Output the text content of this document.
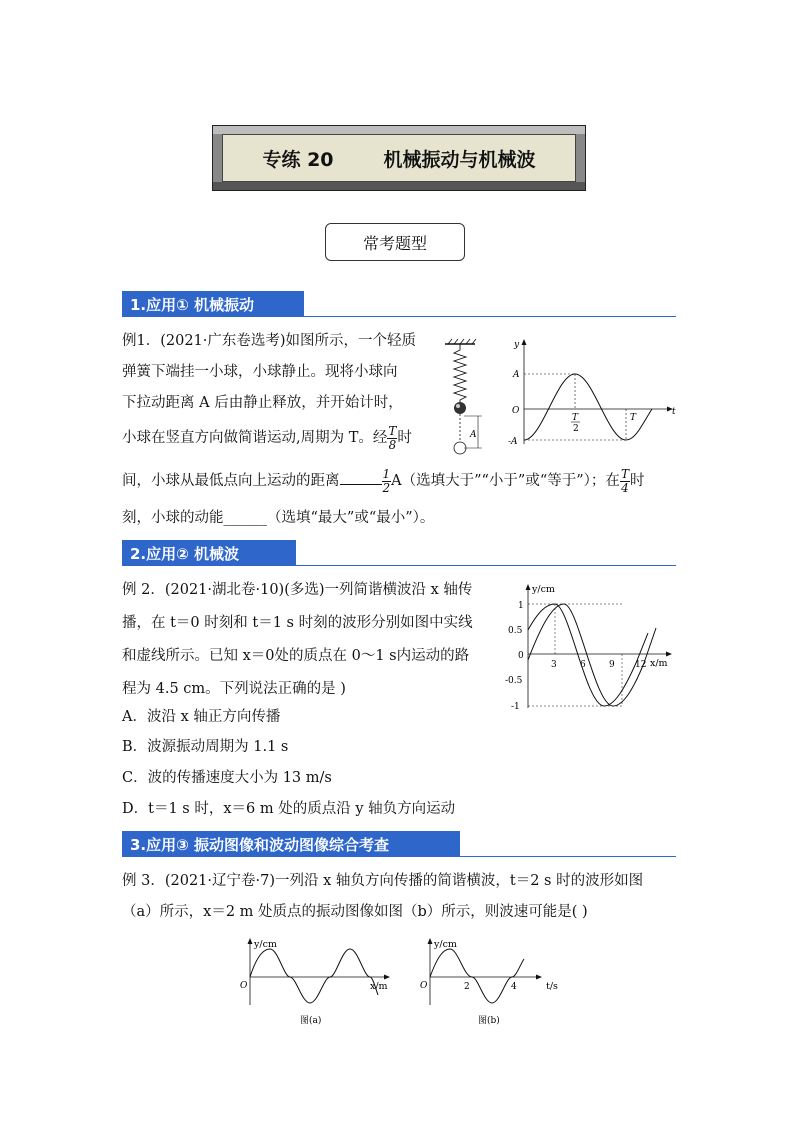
专练 20	机械振动与机械波
常考题型
1.应用① 机械振动
例1．(2021·广东卷选考)如图所示，一个轻质
弹簧下端挂一小球，小球静止。现将小球向
下拉动距离 A 后由静止释放，并开始计时，
小球在竖直方向做简谐运动,周期为 T。经 $\frac{T}{8}$ 时
间，小球从最低点向上运动的距离	$\frac{1}{2} A$（选填大于”“小于”或“等于”）；在 $\frac{T}{4}$ 时
刻，小球的动能______（选填“最大”或“最小”）。
A
y
A
O
-A
t
T
2
T
2.应用② 机械波
例 2．(2021·湖北卷·10)(多选)一列简谐横波沿 x 轴传
播，在 t＝0 时刻和 t＝1 s 时刻的波形分别如图中实线
和虚线所示。已知 x＝0处的质点在 0～1 s内运动的路
程为 4.5 cm。下列说法正确的是 )
A．波沿 x 轴正方向传播
B．波源振动周期为 1.1 s
C．波的传播速度大小为 13 m/s
D．t＝1 s 时，x＝6 m 处的质点沿 y 轴负方向运动
y/cm
x/m
1
0.5
0
-0.5
-1
3	6	9 12
3.应用③ 振动图像和波动图像综合考查
例 3．(2021·辽宁卷·7)一列沿 x 轴负方向传播的简谐横波，t＝2 s 时的波形如图
（a）所示，x＝2 m 处质点的振动图像如图（b）所示，则波速可能是( )
y/cm
x/m
O
图(a)
y/cm
t/s
O	2	4
图(b)
